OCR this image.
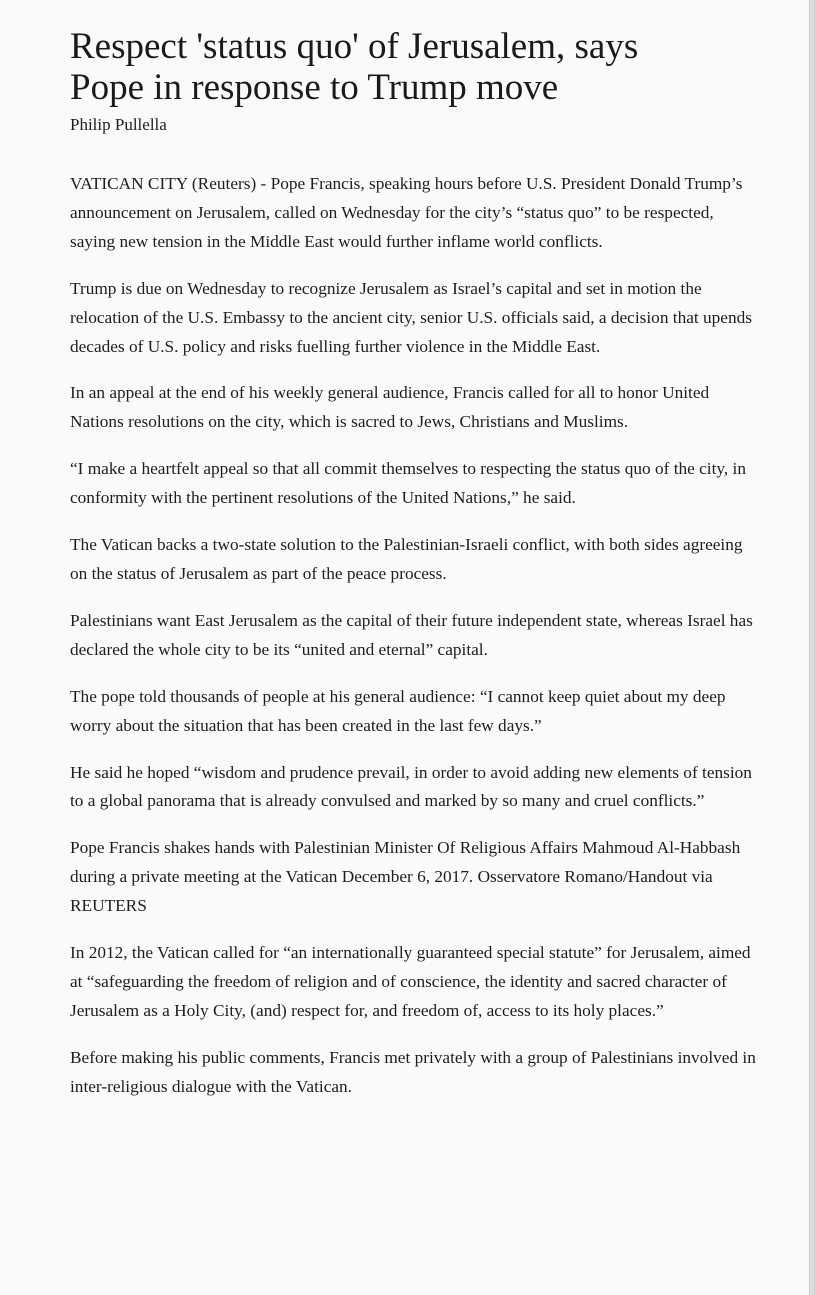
Respect 'status quo' of Jerusalem, says
Pope in response to Trump move
Philip Pullella

VATICAN CITY (Reuters) - Pope Francis, speaking hours before U.S. President Donald Trump’s announcement on Jerusalem, called on Wednesday for the city’s “status quo” to be respected, saying new tension in the Middle East would further inflame world conflicts.

Trump is due on Wednesday to recognize Jerusalem as Israel’s capital and set in motion the relocation of the U.S. Embassy to the ancient city, senior U.S. officials said, a decision that upends decades of U.S. policy and risks fuelling further violence in the Middle East.

In an appeal at the end of his weekly general audience, Francis called for all to honor United Nations resolutions on the city, which is sacred to Jews, Christians and Muslims.

“I make a heartfelt appeal so that all commit themselves to respecting the status quo of the city, in conformity with the pertinent resolutions of the United Nations,” he said.

The Vatican backs a two-state solution to the Palestinian-Israeli conflict, with both sides agreeing on the status of Jerusalem as part of the peace process.

Palestinians want East Jerusalem as the capital of their future independent state, whereas Israel has declared the whole city to be its “united and eternal” capital.

The pope told thousands of people at his general audience: “I cannot keep quiet about my deep worry about the situation that has been created in the last few days.”

He said he hoped “wisdom and prudence prevail, in order to avoid adding new elements of tension to a global panorama that is already convulsed and marked by so many and cruel conflicts.”

Pope Francis shakes hands with Palestinian Minister Of Religious Affairs Mahmoud Al-Habbash during a private meeting at the Vatican December 6, 2017. Osservatore Romano/Handout via REUTERS

In 2012, the Vatican called for “an internationally guaranteed special statute” for Jerusalem, aimed at “safeguarding the freedom of religion and of conscience, the identity and sacred character of Jerusalem as a Holy City, (and) respect for, and freedom of, access to its holy places.”

Before making his public comments, Francis met privately with a group of Palestinians involved in inter-religious dialogue with the Vatican.
